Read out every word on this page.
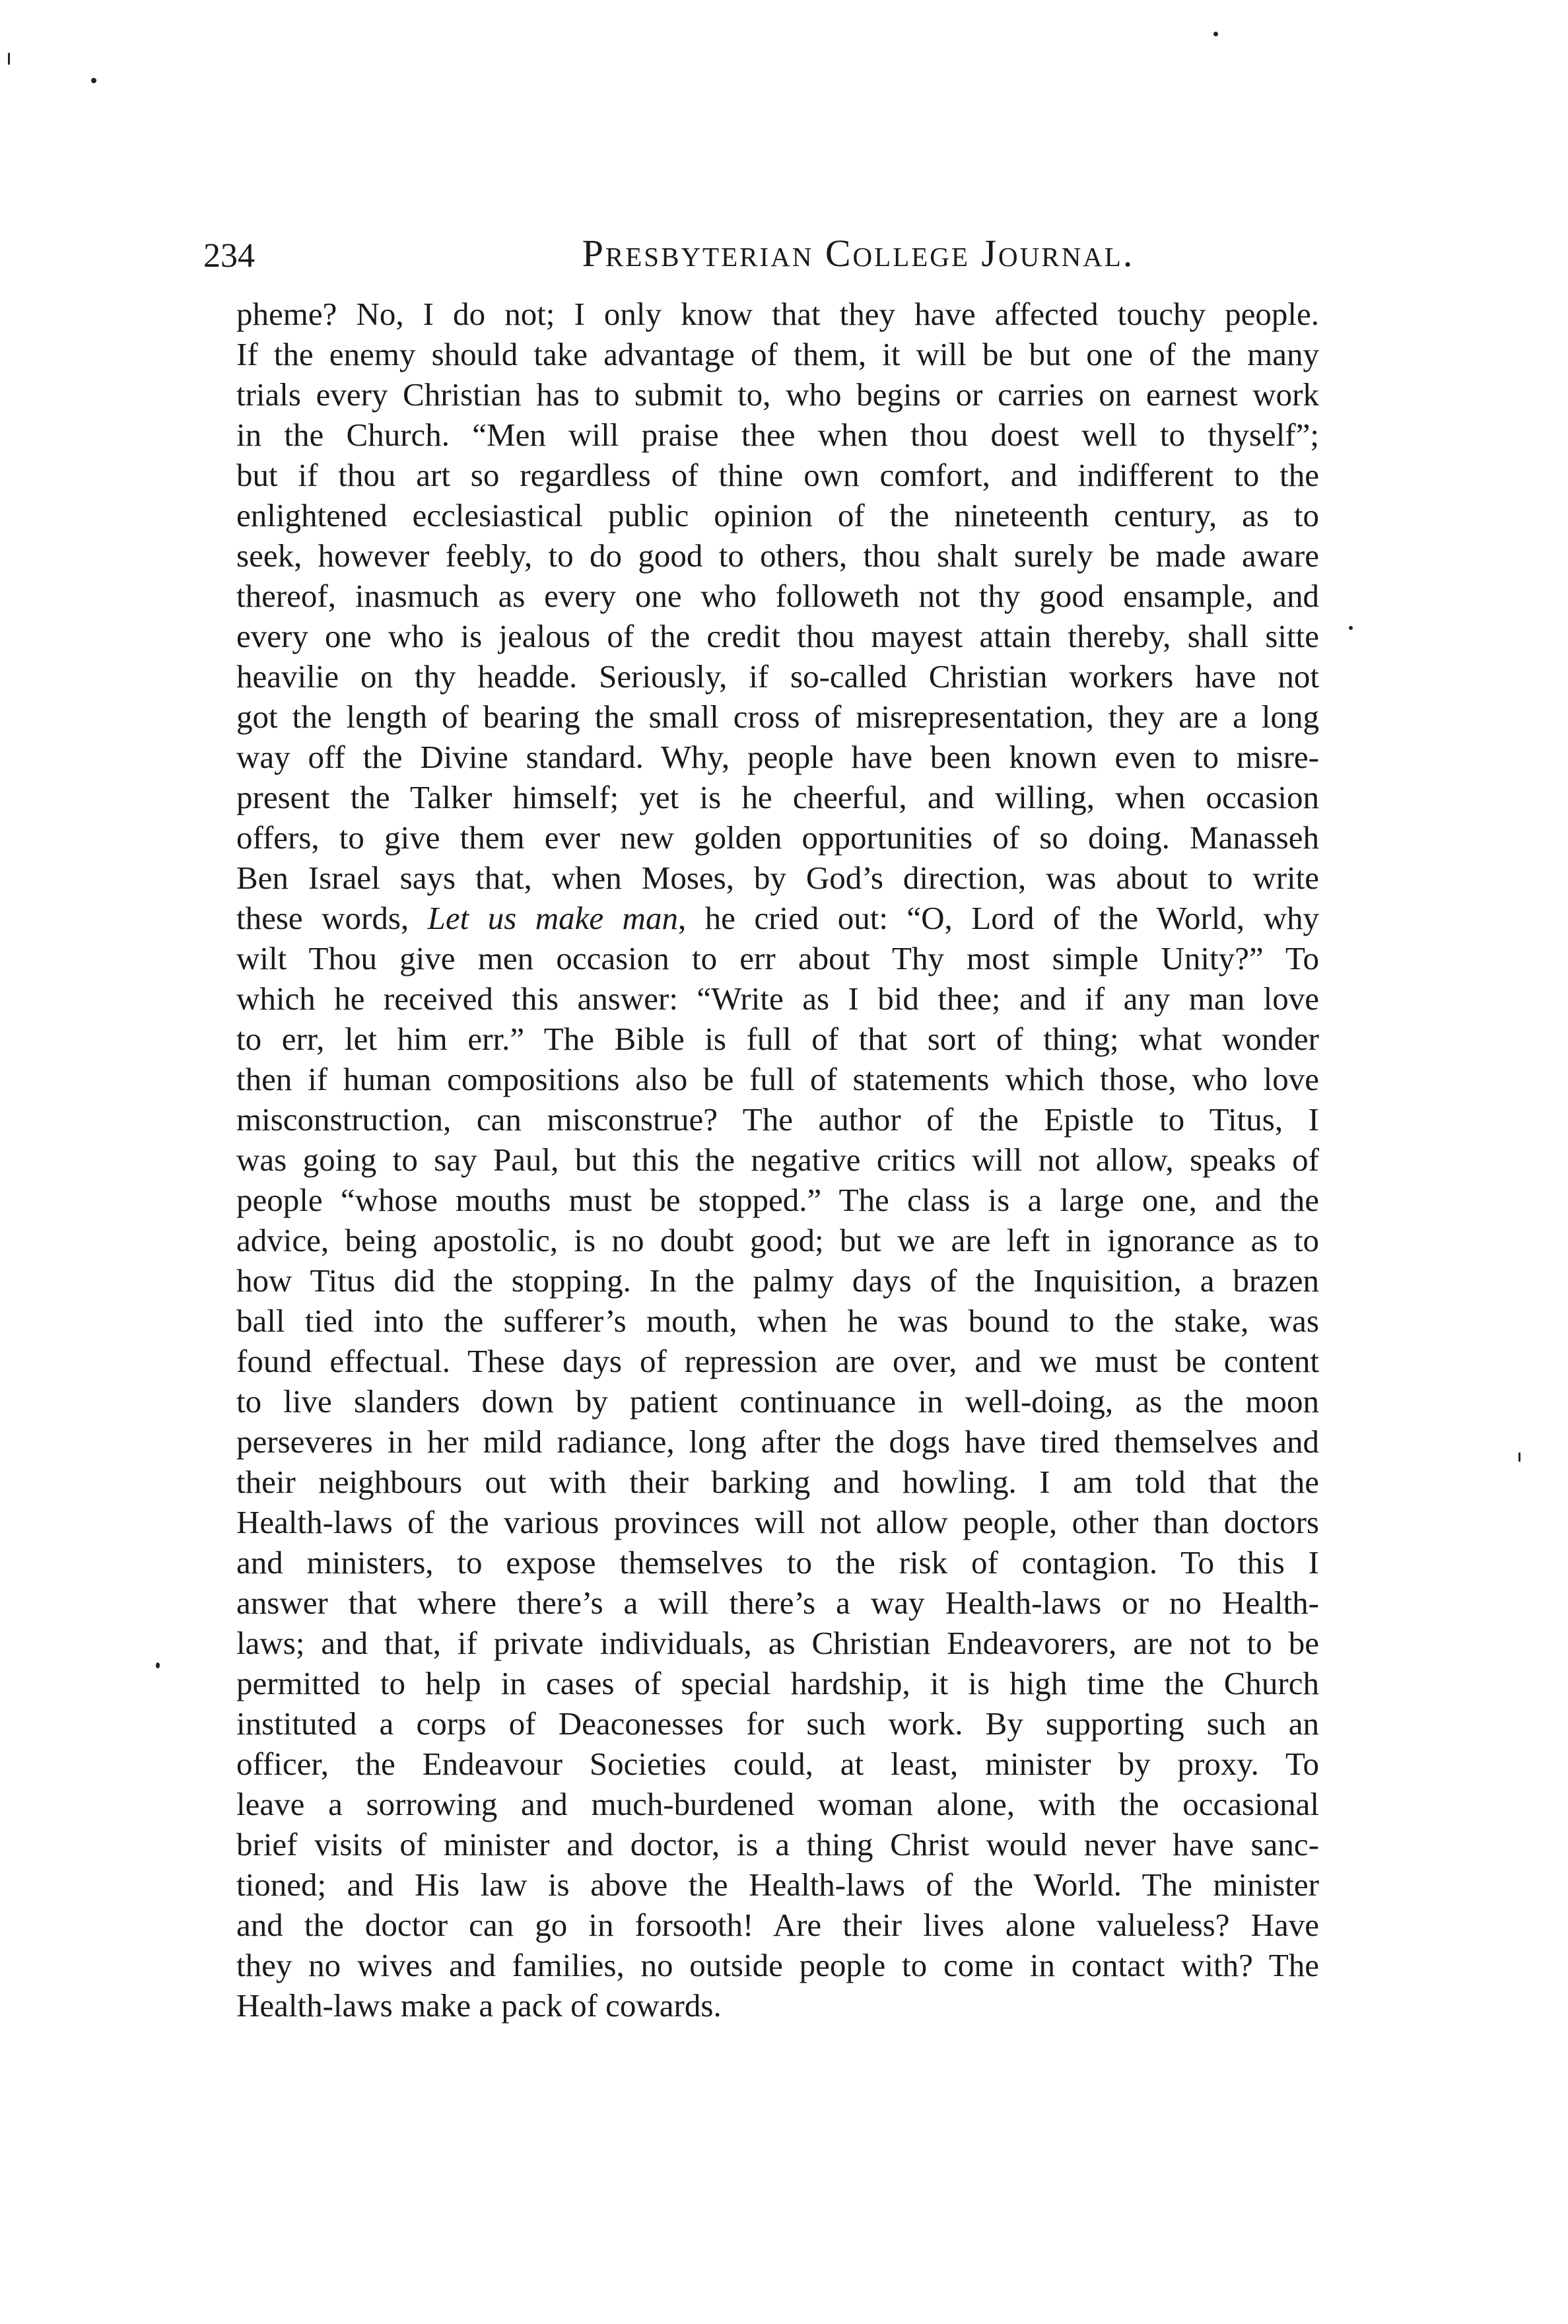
234	Presbyterian College Journal.
pheme? No, I do not; I only know that they have affected touchy people.
If the enemy should take advantage of them, it will be but one of the many
trials every Christian has to submit to, who begins or carries on earnest work
in the Church. “Men will praise thee when thou doest well to thyself”;
but if thou art so regardless of thine own comfort, and indifferent to the
enlightened ecclesiastical public opinion of the nineteenth century, as to
seek, however feebly, to do good to others, thou shalt surely be made aware
thereof, inasmuch as every one who followeth not thy good ensample, and
every one who is jealous of the credit thou mayest attain thereby, shall sitte
heavilie on thy headde. Seriously, if so-called Christian workers have not
got the length of bearing the small cross of misrepresentation, they are a long
way off the Divine standard. Why, people have been known even to misre-
present the Talker himself; yet is he cheerful, and willing, when occasion
offers, to give them ever new golden opportunities of so doing. Manasseh
Ben Israel says that, when Moses, by God’s direction, was about to write
these words, Let us make man, he cried out: “O, Lord of the World, why
wilt Thou give men occasion to err about Thy most simple Unity?” To
which he received this answer: “Write as I bid thee; and if any man love
to err, let him err.” The Bible is full of that sort of thing; what wonder
then if human compositions also be full of statements which those, who love
misconstruction, can misconstrue? The author of the Epistle to Titus, I
was going to say Paul, but this the negative critics will not allow, speaks of
people “whose mouths must be stopped.” The class is a large one, and the
advice, being apostolic, is no doubt good; but we are left in ignorance as to
how Titus did the stopping. In the palmy days of the Inquisition, a brazen
ball tied into the sufferer’s mouth, when he was bound to the stake, was
found effectual. These days of repression are over, and we must be content
to live slanders down by patient continuance in well-doing, as the moon
perseveres in her mild radiance, long after the dogs have tired themselves and
their neighbours out with their barking and howling. I am told that the
Health-laws of the various provinces will not allow people, other than doctors
and ministers, to expose themselves to the risk of contagion. To this I
answer that where there’s a will there’s a way Health-laws or no Health-
laws; and that, if private individuals, as Christian Endeavorers, are not to be
permitted to help in cases of special hardship, it is high time the Church
instituted a corps of Deaconesses for such work. By supporting such an
officer, the Endeavour Societies could, at least, minister by proxy. To
leave a sorrowing and much-burdened woman alone, with the occasional
brief visits of minister and doctor, is a thing Christ would never have sanc-
tioned; and His law is above the Health-laws of the World. The minister
and the doctor can go in forsooth! Are their lives alone valueless? Have
they no wives and families, no outside people to come in contact with? The
Health-laws make a pack of cowards.
